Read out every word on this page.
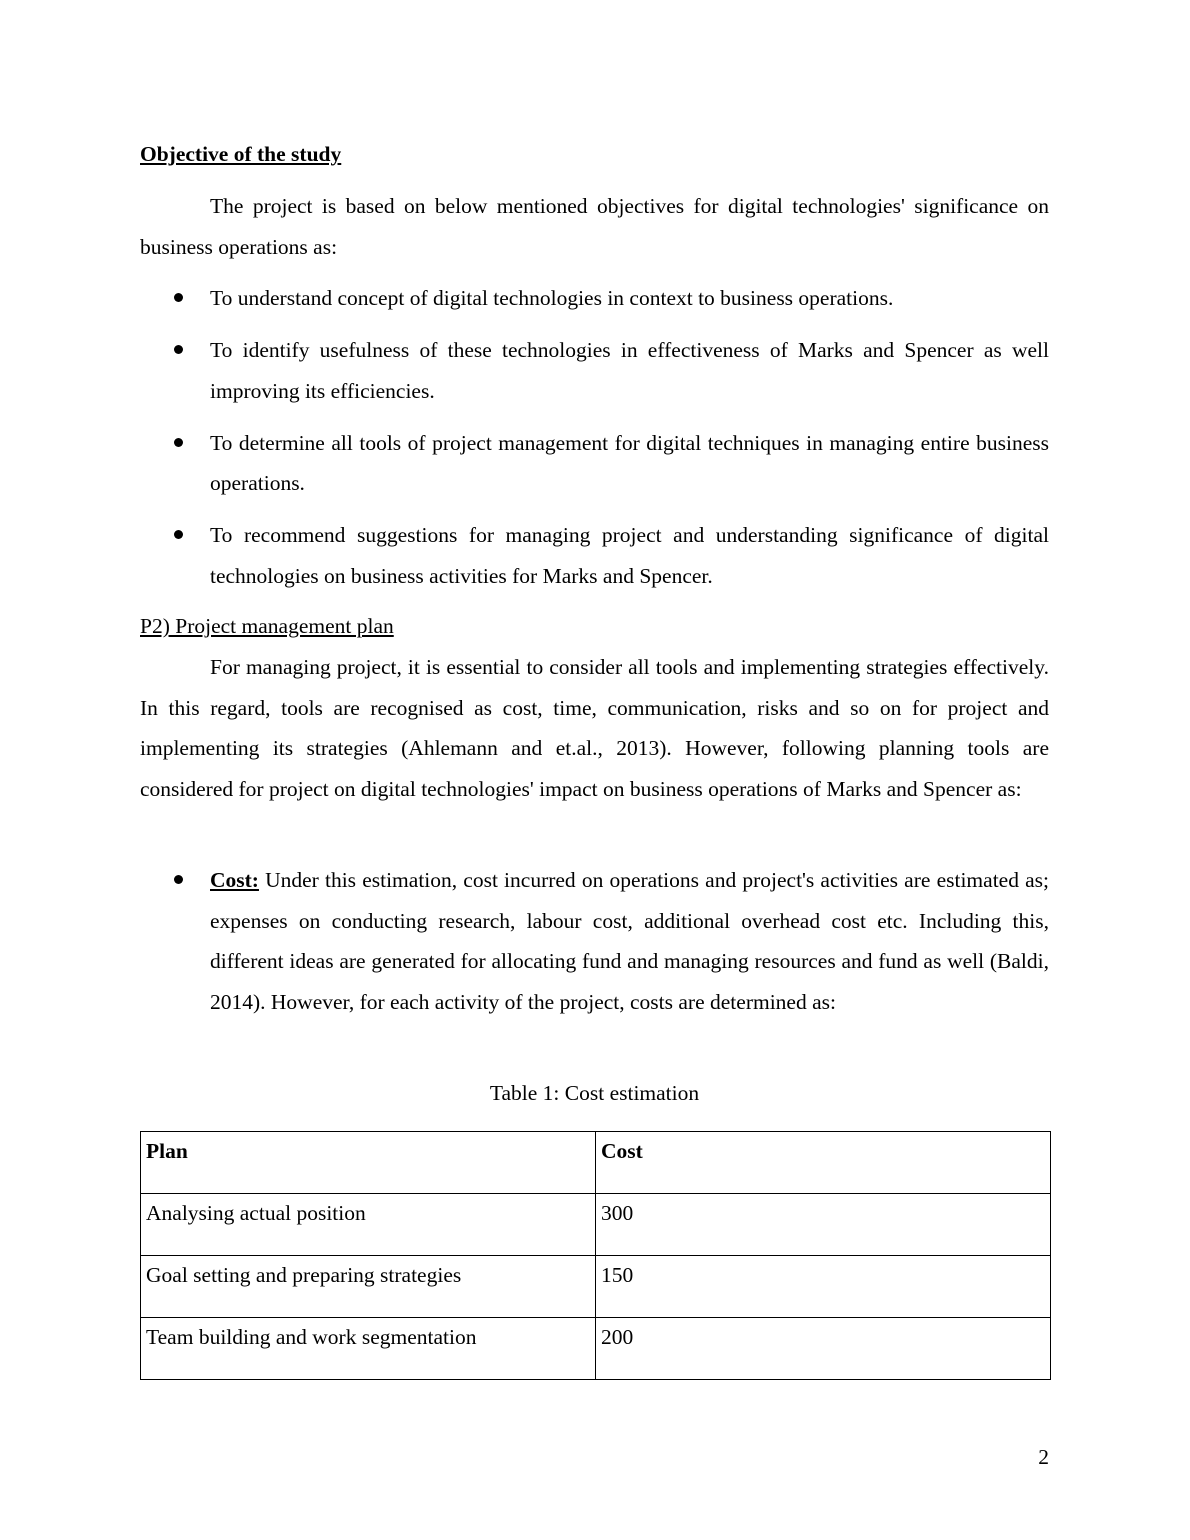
Objective of the study

The project is based on below mentioned objectives for digital technologies' significance on business operations as:

To understand concept of digital technologies in context to business operations.
To identify usefulness of these technologies in effectiveness of Marks and Spencer as well improving its efficiencies.
To determine all tools of project management for digital techniques in managing entire business operations.
To recommend suggestions for managing project and understanding significance of digital technologies on business activities for Marks and Spencer.
P2) Project management plan

For managing project, it is essential to consider all tools and implementing strategies effectively. In this regard, tools are recognised as cost, time, communication, risks and so on for project and implementing its strategies (Ahlemann and et.al., 2013). However, following planning tools are considered for project on digital technologies' impact on business operations of Marks and Spencer as:

Cost: Under this estimation, cost incurred on operations and project's activities are estimated as; expenses on conducting research, labour cost, additional overhead cost etc. Including this, different ideas are generated for allocating fund and managing resources and fund as well (Baldi, 2014). However, for each activity of the project, costs are determined as:
Table 1: Cost estimation
Plan	Cost
Analysing actual position	300
Goal setting and preparing strategies	150
Team building and work segmentation	200
2
